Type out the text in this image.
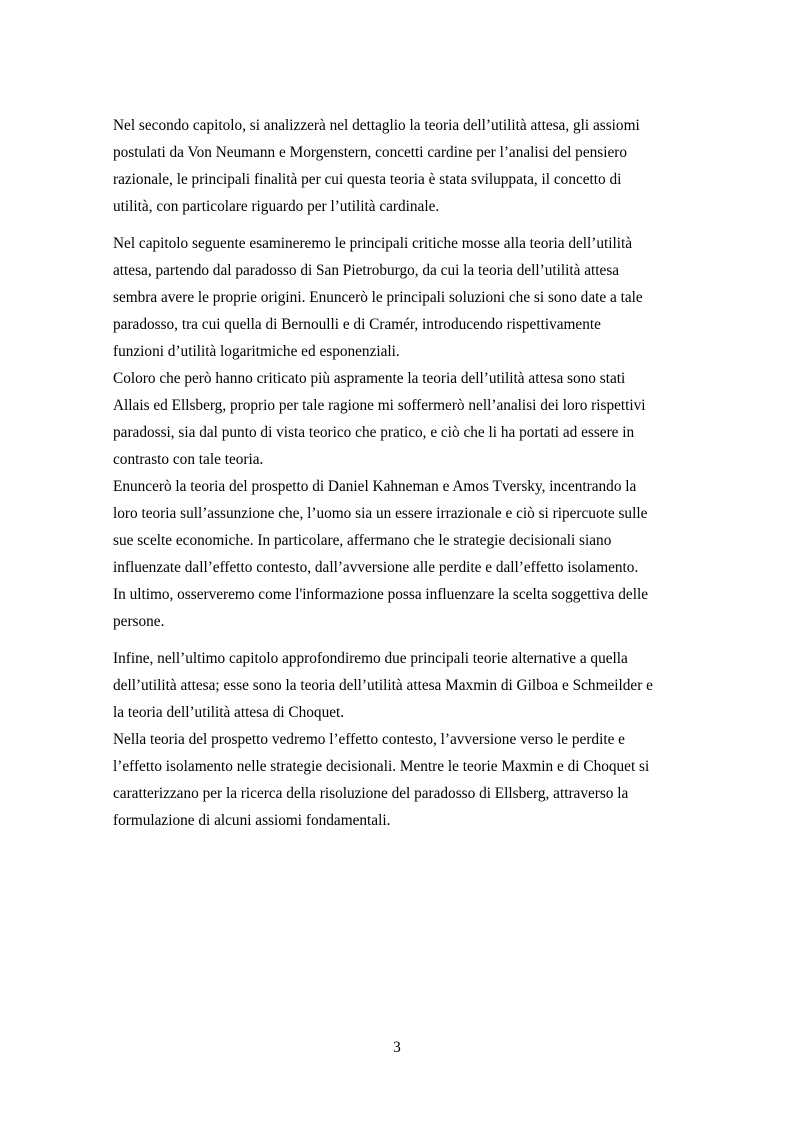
Nel secondo capitolo, si analizzerà nel dettaglio la teoria dell’utilità attesa, gli assiomi
postulati da Von Neumann e Morgenstern, concetti cardine per l’analisi del pensiero
razionale, le principali finalità per cui questa teoria è stata sviluppata, il concetto di
utilità, con particolare riguardo per l’utilità cardinale.

Nel capitolo seguente esamineremo le principali critiche mosse alla teoria dell’utilità
attesa, partendo dal paradosso di San Pietroburgo, da cui la teoria dell’utilità attesa
sembra avere le proprie origini. Enuncerò le principali soluzioni che si sono date a tale
paradosso, tra cui quella di Bernoulli e di Cramér, introducendo rispettivamente
funzioni d’utilità logaritmiche ed esponenziali.

Coloro che però hanno criticato più aspramente la teoria dell’utilità attesa sono stati
Allais ed Ellsberg, proprio per tale ragione mi soffermerò nell’analisi dei loro rispettivi
paradossi, sia dal punto di vista teorico che pratico, e ciò che li ha portati ad essere in
contrasto con tale teoria.

Enuncerò la teoria del prospetto di Daniel Kahneman e Amos Tversky, incentrando la
loro teoria sull’assunzione che, l’uomo sia un essere irrazionale e ciò si ripercuote sulle
sue scelte economiche. In particolare, affermano che le strategie decisionali siano
influenzate dall’effetto contesto, dall’avversione alle perdite e dall’effetto isolamento.

In ultimo, osserveremo come l'informazione possa influenzare la scelta soggettiva delle
persone.

Infine, nell’ultimo capitolo approfondiremo due principali teorie alternative a quella
dell’utilità attesa; esse sono la teoria dell’utilità attesa Maxmin di Gilboa e Schmeilder e
la teoria dell’utilità attesa di Choquet.

Nella teoria del prospetto vedremo l’effetto contesto, l’avversione verso le perdite e
l’effetto isolamento nelle strategie decisionali. Mentre le teorie Maxmin e di Choquet si
caratterizzano per la ricerca della risoluzione del paradosso di Ellsberg, attraverso la
formulazione di alcuni assiomi fondamentali.

3
